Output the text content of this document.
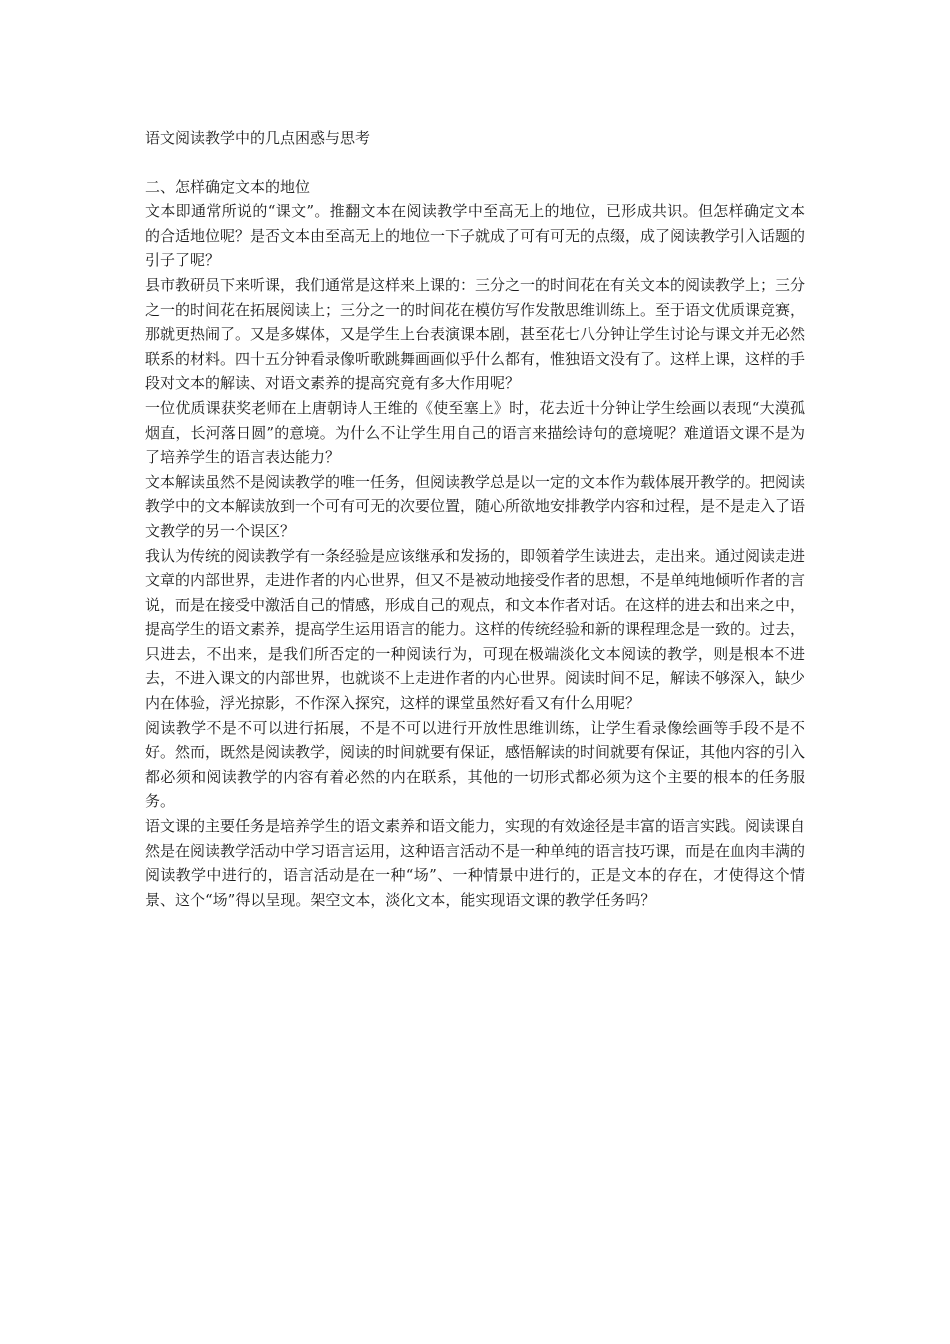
语文阅读教学中的几点困惑与思考
二、怎样确定文本的地位

文本即通常所说的“课文”。推翻文本在阅读教学中至高无上的地位，已形成共识。但怎样确定文本的合适地位呢？是否文本由至高无上的地位一下子就成了可有可无的点缀，成了阅读教学引入话题的引子了呢？

县市教研员下来听课，我们通常是这样来上课的：三分之一的时间花在有关文本的阅读教学上；三分之一的时间花在拓展阅读上；三分之一的时间花在模仿写作发散思维训练上。至于语文优质课竞赛，那就更热闹了。又是多媒体，又是学生上台表演课本剧，甚至花七八分钟让学生讨论与课文并无必然联系的材料。四十五分钟看录像听歌跳舞画画似乎什么都有，惟独语文没有了。这样上课，这样的手段对文本的解读、对语文素养的提高究竟有多大作用呢？

一位优质课获奖老师在上唐朝诗人王维的《使至塞上》时，花去近十分钟让学生绘画以表现“大漠孤烟直，长河落日圆”的意境。为什么不让学生用自己的语言来描绘诗句的意境呢？难道语文课不是为了培养学生的语言表达能力？

文本解读虽然不是阅读教学的唯一任务，但阅读教学总是以一定的文本作为载体展开教学的。把阅读教学中的文本解读放到一个可有可无的次要位置，随心所欲地安排教学内容和过程，是不是走入了语文教学的另一个误区？

我认为传统的阅读教学有一条经验是应该继承和发扬的，即领着学生读进去，走出来。通过阅读走进文章的内部世界，走进作者的内心世界，但又不是被动地接受作者的思想，不是单纯地倾听作者的言说，而是在接受中激活自己的情感，形成自己的观点，和文本作者对话。在这样的进去和出来之中，提高学生的语文素养，提高学生运用语言的能力。这样的传统经验和新的课程理念是一致的。过去，只进去，不出来，是我们所否定的一种阅读行为，可现在极端淡化文本阅读的教学，则是根本不进去，不进入课文的内部世界，也就谈不上走进作者的内心世界。阅读时间不足，解读不够深入，缺少内在体验，浮光掠影，不作深入探究，这样的课堂虽然好看又有什么用呢？

阅读教学不是不可以进行拓展，不是不可以进行开放性思维训练，让学生看录像绘画等手段不是不好。然而，既然是阅读教学，阅读的时间就要有保证，感悟解读的时间就要有保证，其他内容的引入都必须和阅读教学的内容有着必然的内在联系，其他的一切形式都必须为这个主要的根本的任务服务。

语文课的主要任务是培养学生的语文素养和语文能力，实现的有效途径是丰富的语言实践。阅读课自然是在阅读教学活动中学习语言运用，这种语言活动不是一种单纯的语言技巧课，而是在血肉丰满的阅读教学中进行的，语言活动是在一种“场”、一种情景中进行的，正是文本的存在，才使得这个情景、这个“场”得以呈现。架空文本，淡化文本，能实现语文课的教学任务吗？
